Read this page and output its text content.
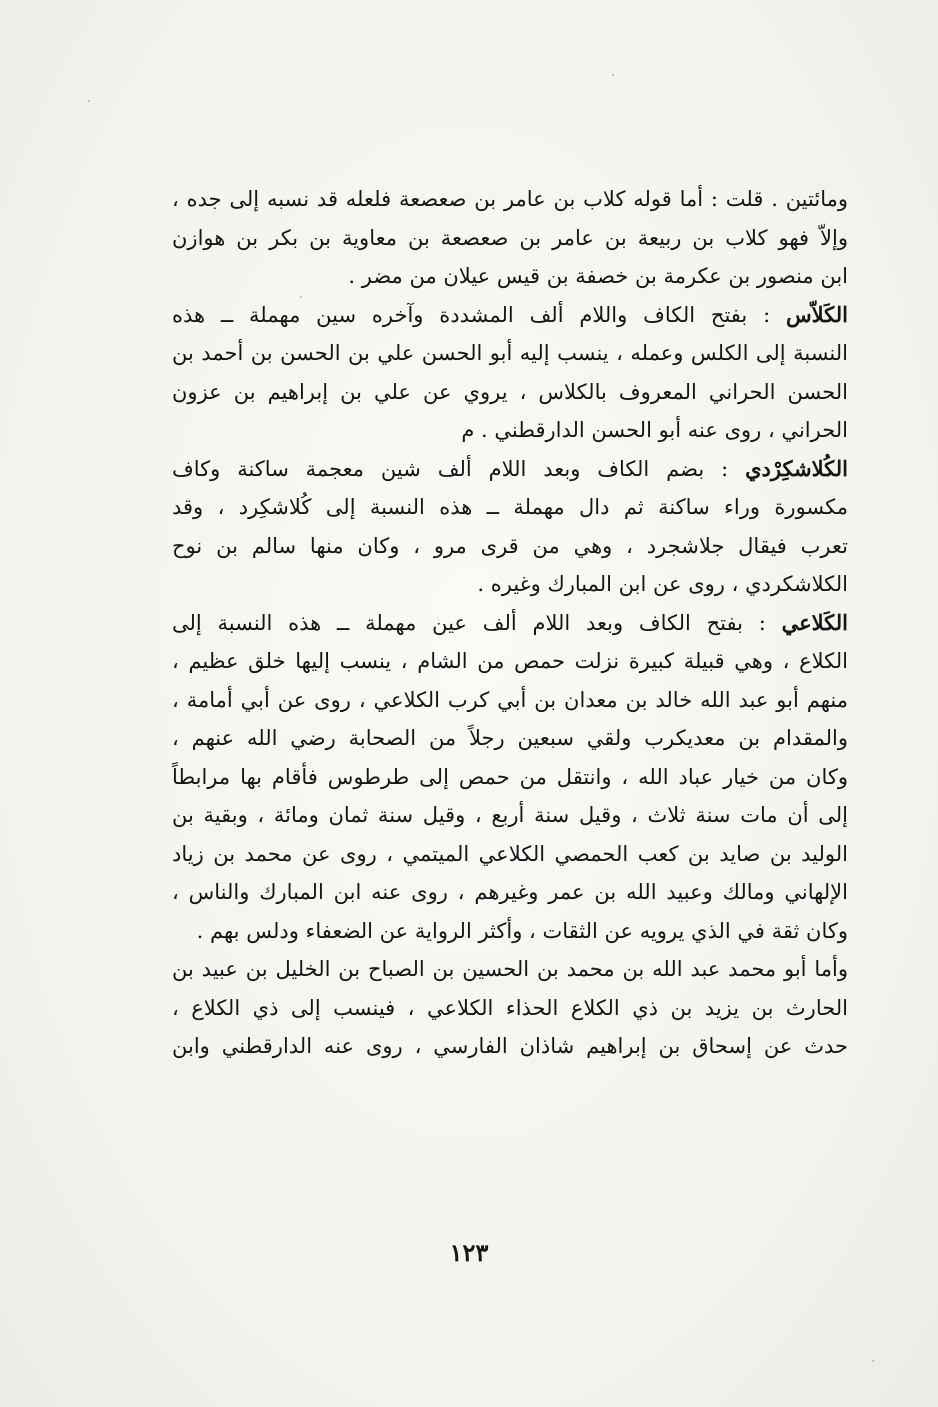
ومائتين . قلت : أما قوله كلاب بن عامر بن صعصعة فلعله قد نسبه إلى جده ،
وإلاّ فهو كلاب بن ربيعة بن عامر بن صعصعة بن معاوية بن بكر بن هوازن
ابن منصور بن عكرمة بن خصفة بن قيس عيلان من مضر .
الكَلاّس : بفتح الكاف واللام ألف المشددة وآخره سين مهملة ــ هذه
النسبة إلى الكلس وعمله ، ينسب إليه أبو الحسن علي بن الحسن بن أحمد بن
الحسن الحراني المعروف بالكلاس ، يروي عن علي بن إبراهيم بن عزون
الحراني ، روى عنه أبو الحسن الدارقطني . م
الكُلاشكِرْدي : بضم الكاف وبعد اللام ألف شين معجمة ساكنة وكاف
مكسورة وراء ساكنة ثم دال مهملة ــ هذه النسبة إلى كُلاشكِرد ، وقد
تعرب فيقال جلاشجرد ، وهي من قرى مرو ، وكان منها سالم بن نوح
الكلاشكردي ، روى عن ابن المبارك وغيره .
الكَلاعي : بفتح الكاف وبعد اللام ألف عين مهملة ــ هذه النسبة إلى
الكلاع ، وهي قبيلة كبيرة نزلت حمص من الشام ، ينسب إليها خلق عظيم ،
منهم أبو عبد الله خالد بن معدان بن أبي كرب الكلاعي ، روى عن أبي أمامة ،
والمقدام بن معديكرب ولقي سبعين رجلاً من الصحابة رضي الله عنهم ،
وكان من خيار عباد الله ، وانتقل من حمص إلى طرطوس فأقام بها مرابطاً
إلى أن مات سنة ثلاث ، وقيل سنة أربع ، وقيل سنة ثمان ومائة ، وبقية بن
الوليد بن صايد بن كعب الحمصي الكلاعي الميتمي ، روى عن محمد بن زياد
الإلهاني ومالك وعبيد الله بن عمر وغيرهم ، روى عنه ابن المبارك والناس ،
وكان ثقة في الذي يرويه عن الثقات ، وأكثر الرواية عن الضعفاء ودلس بهم .
وأما أبو محمد عبد الله بن محمد بن الحسين بن الصباح بن الخليل بن عبيد بن
الحارث بن يزيد بن ذي الكلاع الحذاء الكلاعي ، فينسب إلى ذي الكلاع ،
حدث عن إسحاق بن إبراهيم شاذان الفارسي ، روى عنه الدارقطني وابن
١٢٣
